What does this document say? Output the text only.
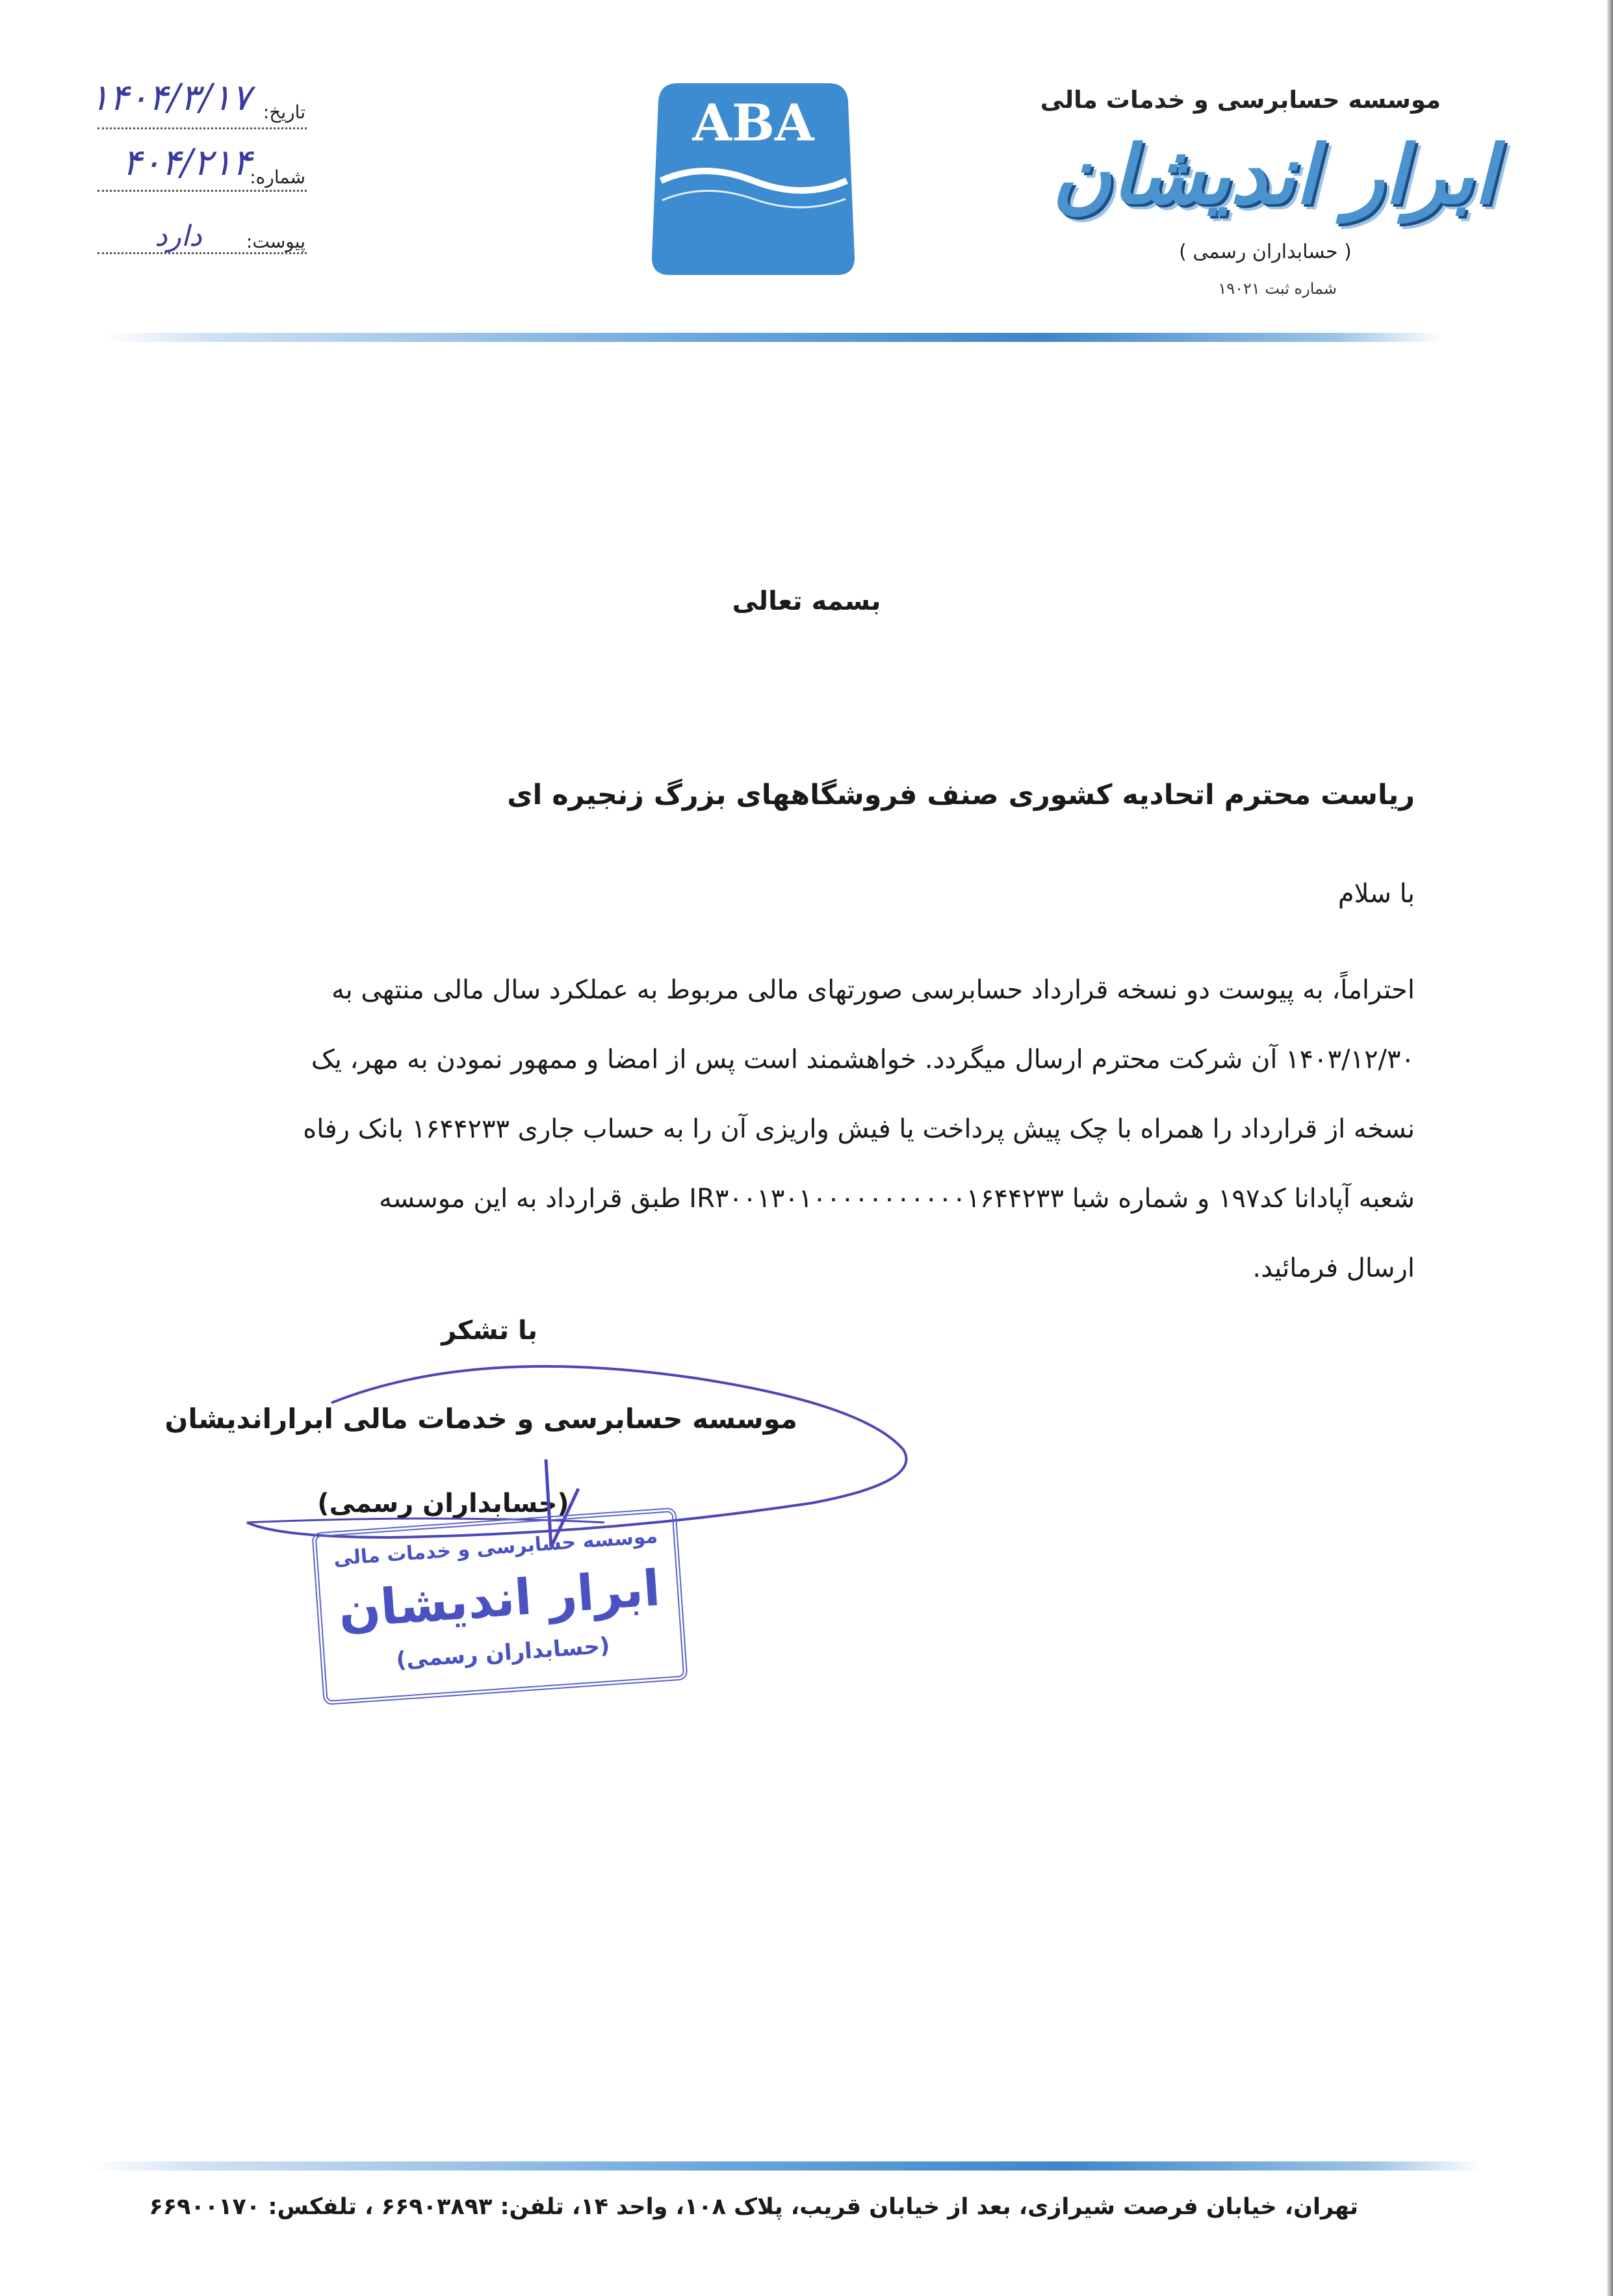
موسسه حسابرسی و خدمات مالی
ابرار اندیشان
( حسابداران رسمی )
شماره ثبت ۱۹۰۲۱
ABA
تاریخ:
شماره:
پیوست:
۱۴۰۴/۳/۱۷
۴۰۴/۲۱۴
دارد
بسمه تعالی
ریاست محترم اتحادیه کشوری صنف فروشگاههای بزرگ زنجیره ای
با سلام
احتراماً، به پیوست دو نسخه قرارداد حسابرسی صورتهای مالی مربوط به عملکرد سال مالی منتهی به
۱۴۰۳/۱۲/۳۰ آن شرکت محترم ارسال میگردد. خواهشمند است پس از امضا و ممهور نمودن به مهر، یک
نسخه از قرارداد را همراه با چک پیش پرداخت یا فیش واریزی آن را به حساب جاری ۱۶۴۴۲۳۳ بانک رفاه
شعبه آپادانا کد۱۹۷ و شماره شبا IR۳۰۰۱۳۰۱۰۰۰۰۰۰۰۰۰۰۰۱۶۴۴۲۳۳ طبق قرارداد به این موسسه
ارسال فرمائید.
با تشکر
موسسه حسابرسی و خدمات مالی ابراراندیشان
(حسابداران رسمی)
موسسه حسابرسی و خدمات مالی
ابرار اندیشان
(حسابداران رسمی)
تهران، خیابان فرصت شیرازی، بعد از خیابان قریب، پلاک ۱۰۸، واحد ۱۴، تلفن: ۶۶۹۰۳۸۹۳ ، تلفکس: ۶۶۹۰۰۱۷۰
